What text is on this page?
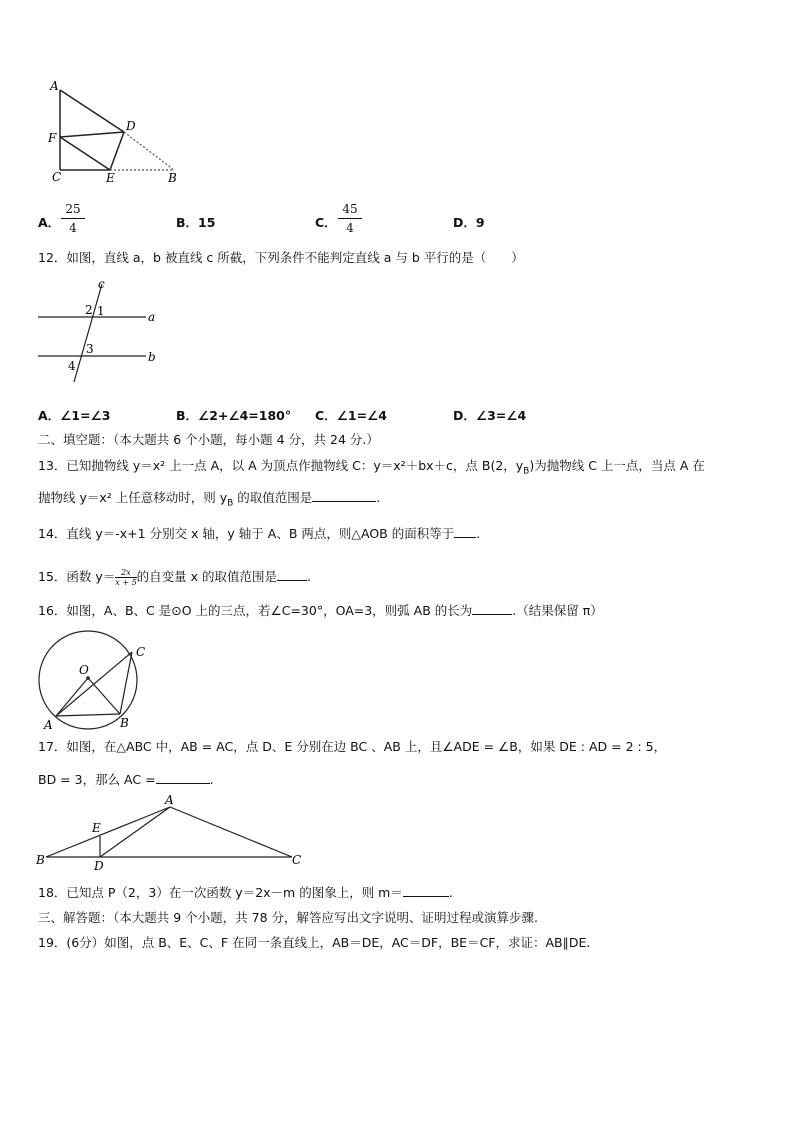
A
F
D
C	E	B
A．
25
4	B．15	C．
45
4	D．9
12．如图，直线 a，b 被直线 c 所截，下列条件不能判定直线 a 与 b 平行的是（　　）
c
a
b
2 1
3
4
A．∠1=∠3	B．∠2+∠4=180° C．∠1=∠4	D．∠3=∠4
二、填空题：（本大题共 6 个小题，每小题 4 分，共 24 分.）
13．已知抛物线 y＝x² 上一点 A，以 A 为顶点作抛物线 C：y＝x²＋bx＋c，点 B(2，$y_B$)为抛物线 C 上一点，当点 A 在
抛物线 y＝x² 上任意移动时，则 $y_B$ 的取值范围是	.
14．直线 y＝-x+1 分别交 x 轴，y 轴于 A、B 两点，则△AOB 的面积等于 .
15．函数 $y= \frac{2x}{x + 5}$ 的自变量 x 的取值范围是 .
16．如图，A、B、C 是⊙O 上的三点，若∠C=30°，OA=3，则弧 AB 的长为	.（结果保留 π）
O
C
A	B
17．如图，在△ABC 中，AB = AC，点 D、E 分别在边 BC 、AB 上，且∠ADE = ∠B，如果 DE : AD = 2 : 5，
BD = 3，那么 AC =	.
A
E
B	D	C
18．已知点 P（2，3）在一次函数 y＝2x－m 的图象上，则 m＝	.
三、解答题：（本大题共 9 个小题，共 78 分，解答应写出文字说明、证明过程或演算步骤.
19．(6分）如图，点 B、E、C、F 在同一条直线上，AB＝DE，AC＝DF，BE＝CF，求证：AB∥DE.
